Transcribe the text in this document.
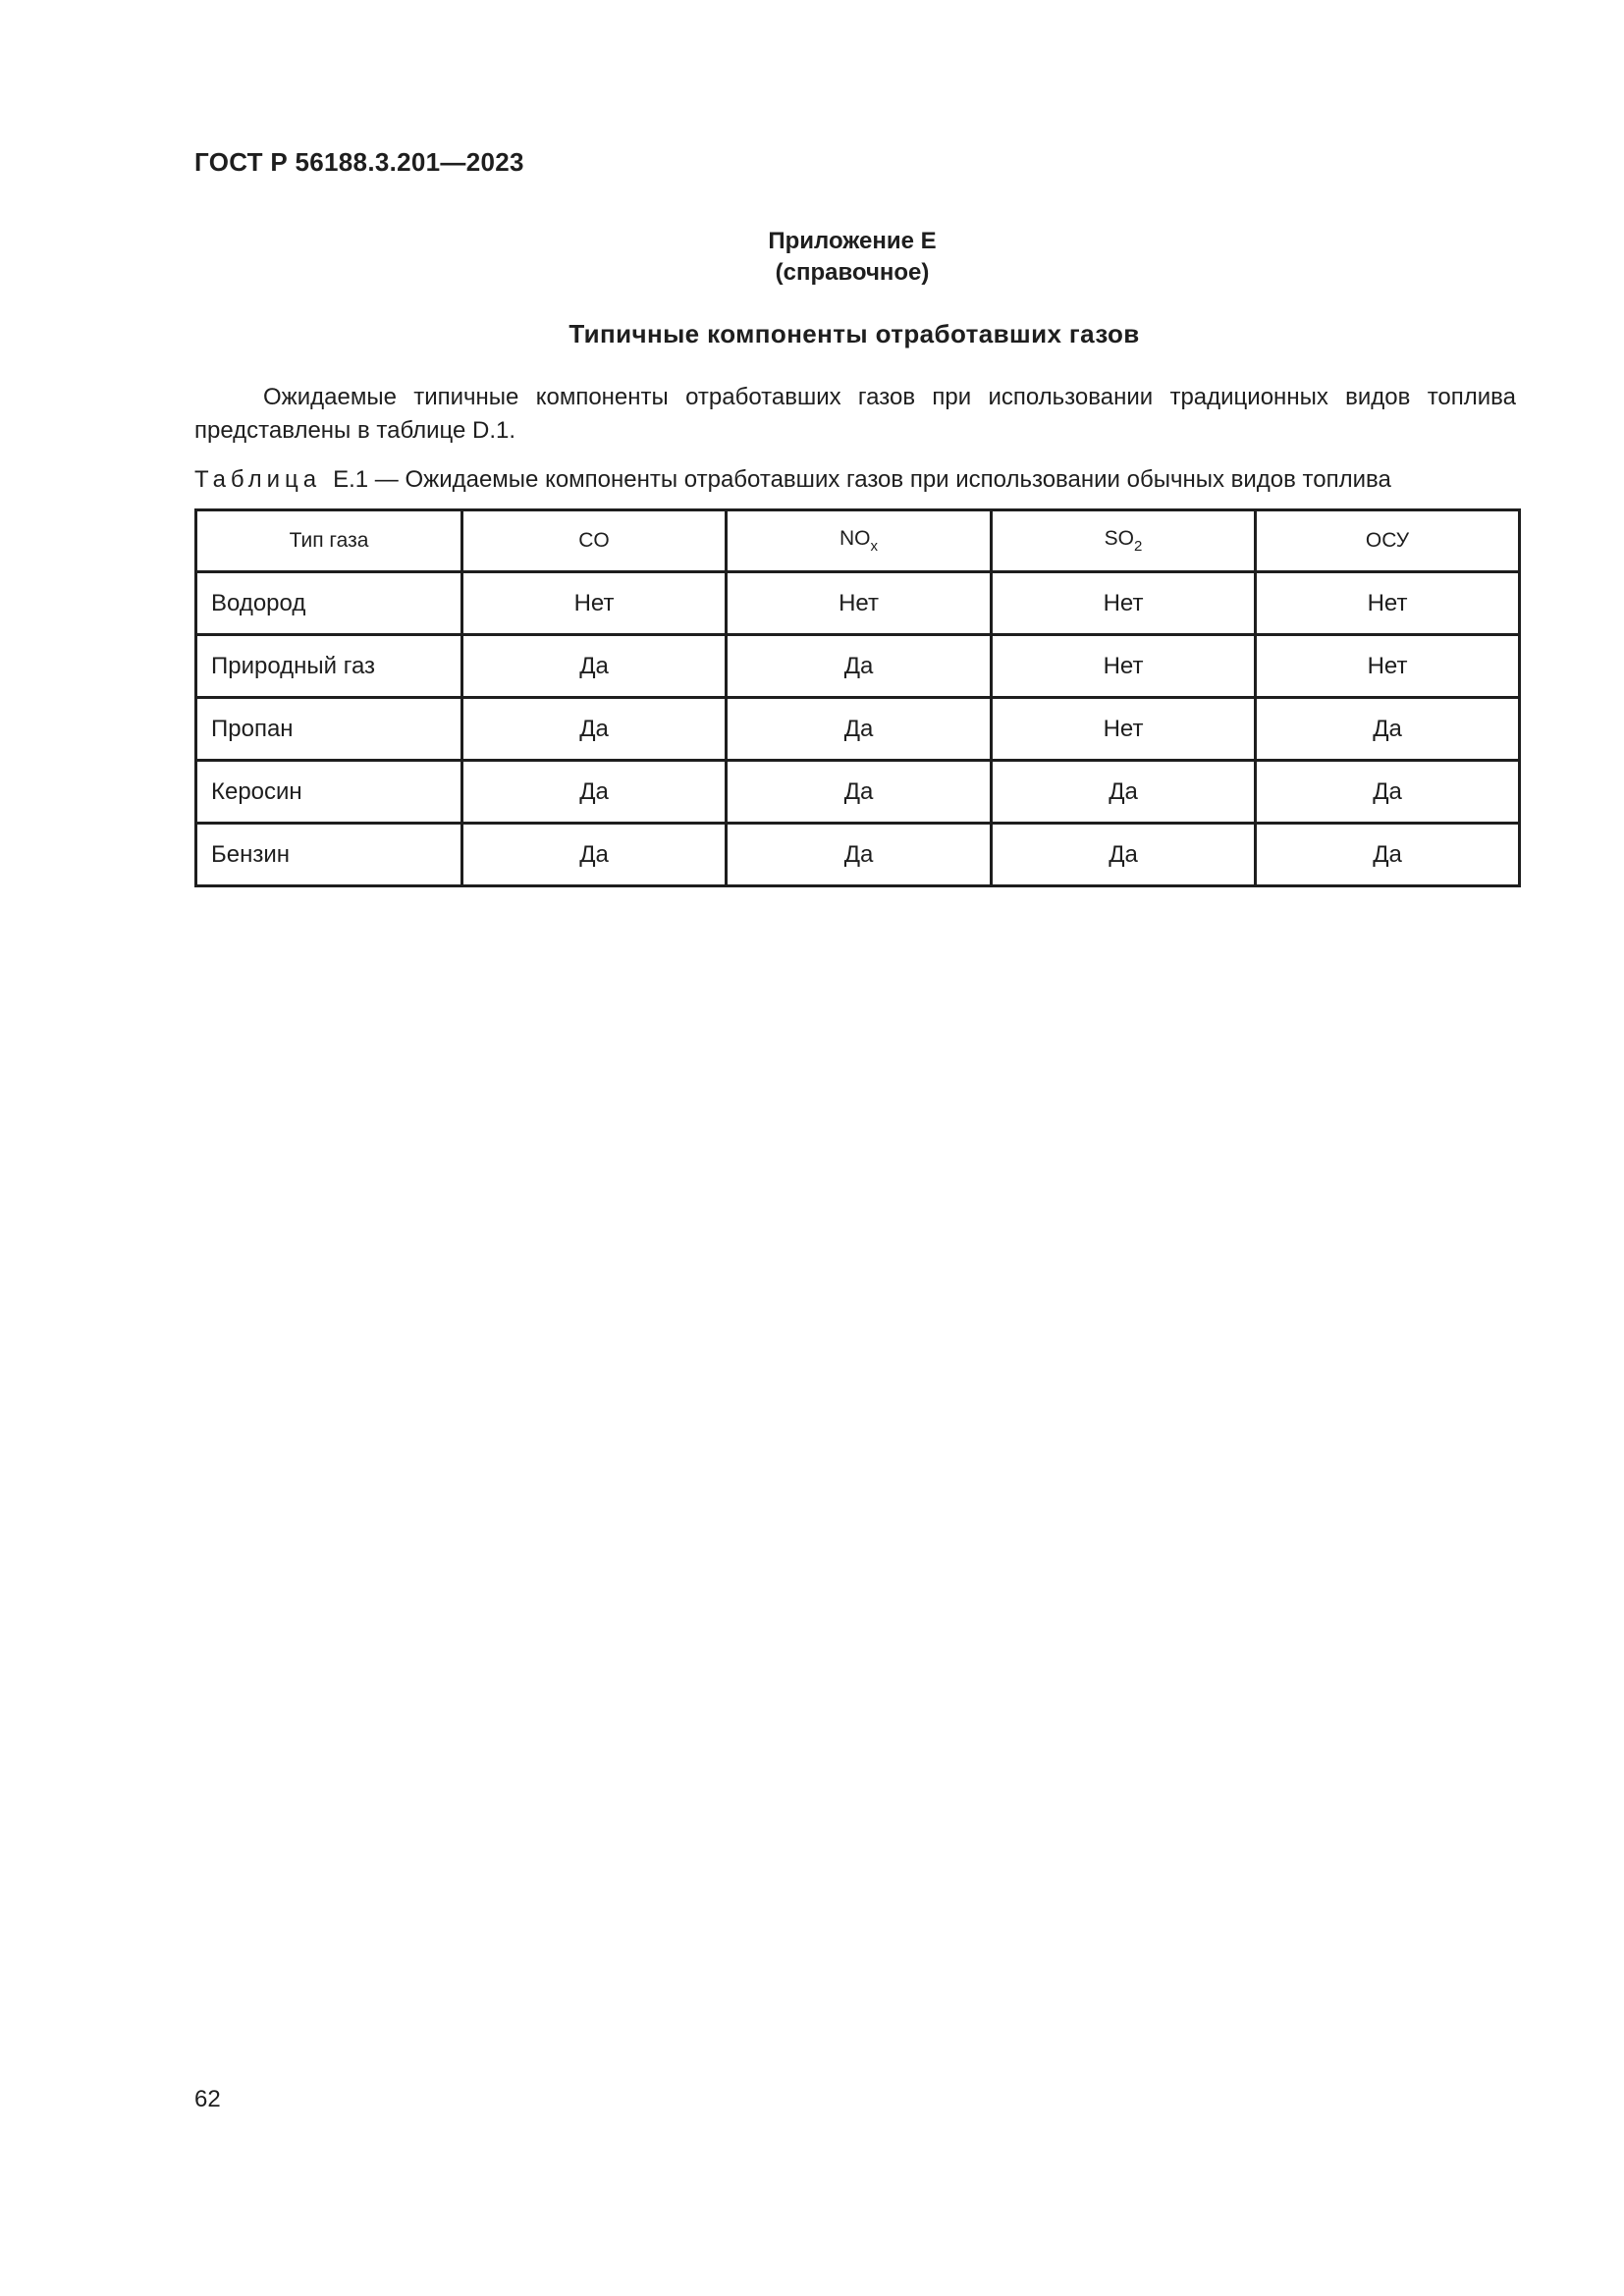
ГОСТ Р 56188.3.201—2023
Приложение Е
(справочное)
Типичные компоненты отработавших газов

Ожидаемые типичные компоненты отработавших газов при использовании традиционных видов топлива представлены в таблице D.1.

Таблица Е.1 — Ожидаемые компоненты отработавших газов при использовании обычных видов топлива
Тип газа	CO	$NO_x$	$SO_2$	ОСУ
Водород	Нет	Нет	Нет	Нет
Природный газ	Да	Да	Нет	Нет
Пропан	Да	Да	Нет	Да
Керосин	Да	Да	Да	Да
Бензин	Да	Да	Да	Да
62
